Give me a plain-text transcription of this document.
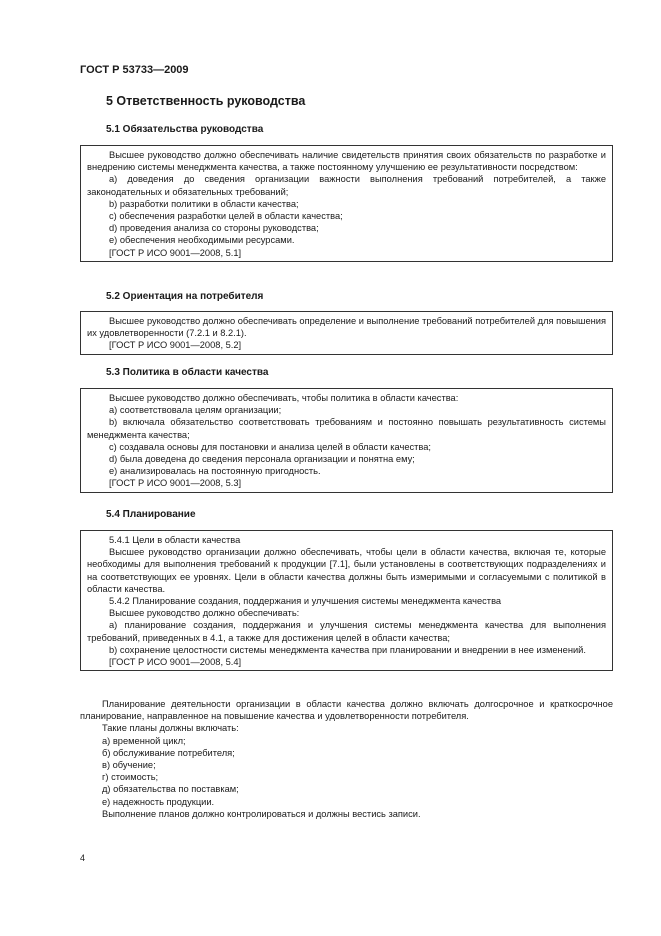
ГОСТ Р 53733—2009
5 Ответственность руководства
5.1 Обязательства руководства

Высшее руководство должно обеспечивать наличие свидетельств принятия своих обязательств по разработке и внедрению системы менеджмента качества, а также постоянному улучшению ее результативности посредством:

а) доведения до сведения организации важности выполнения требований потребителей, а также законодательных и обязательных требований;

b) разработки политики в области качества;

c) обеспечения разработки целей в области качества;

d) проведения анализа со стороны руководства;

e) обеспечения необходимыми ресурсами.

[ГОСТ Р ИСО 9001—2008, 5.1]

5.2 Ориентация на потребителя

Высшее руководство должно обеспечивать определение и выполнение требований потребителей для повышения их удовлетворенности (7.2.1 и 8.2.1).

[ГОСТ Р ИСО 9001—2008, 5.2]

5.3 Политика в области качества

Высшее руководство должно обеспечивать, чтобы политика в области качества:

a) соответствовала целям организации;

b) включала обязательство соответствовать требованиям и постоянно повышать результативность системы менеджмента качества;

c) создавала основы для постановки и анализа целей в области качества;

d) была доведена до сведения персонала организации и понятна ему;

e) анализировалась на постоянную пригодность.

[ГОСТ Р ИСО 9001—2008, 5.3]

5.4 Планирование

5.4.1 Цели в области качества

Высшее руководство организации должно обеспечивать, чтобы цели в области качества, включая те, которые необходимы для выполнения требований к продукции [7.1], были установлены в соответствующих подразделениях и на соответствующих ее уровнях. Цели в области качества должны быть измеримыми и согласуемыми с политикой в области качества.

5.4.2 Планирование создания, поддержания и улучшения системы менеджмента качества

Высшее руководство должно обеспечивать:

a) планирование создания, поддержания и улучшения системы менеджмента качества для выполнения требований, приведенных в 4.1, а также для достижения целей в области качества;

b) сохранение целостности системы менеджмента качества при планировании и внедрении в нее изменений.

[ГОСТ Р ИСО 9001—2008, 5.4]

Планирование деятельности организации в области качества должно включать долгосрочное и краткосрочное планирование, направленное на повышение качества и удовлетворенности потребителя.

Такие планы должны включать:

а) временной цикл;

б) обслуживание потребителя;

в) обучение;

г) стоимость;

д) обязательства по поставкам;

е) надежность продукции.

Выполнение планов должно контролироваться и должны вестись записи.

4
